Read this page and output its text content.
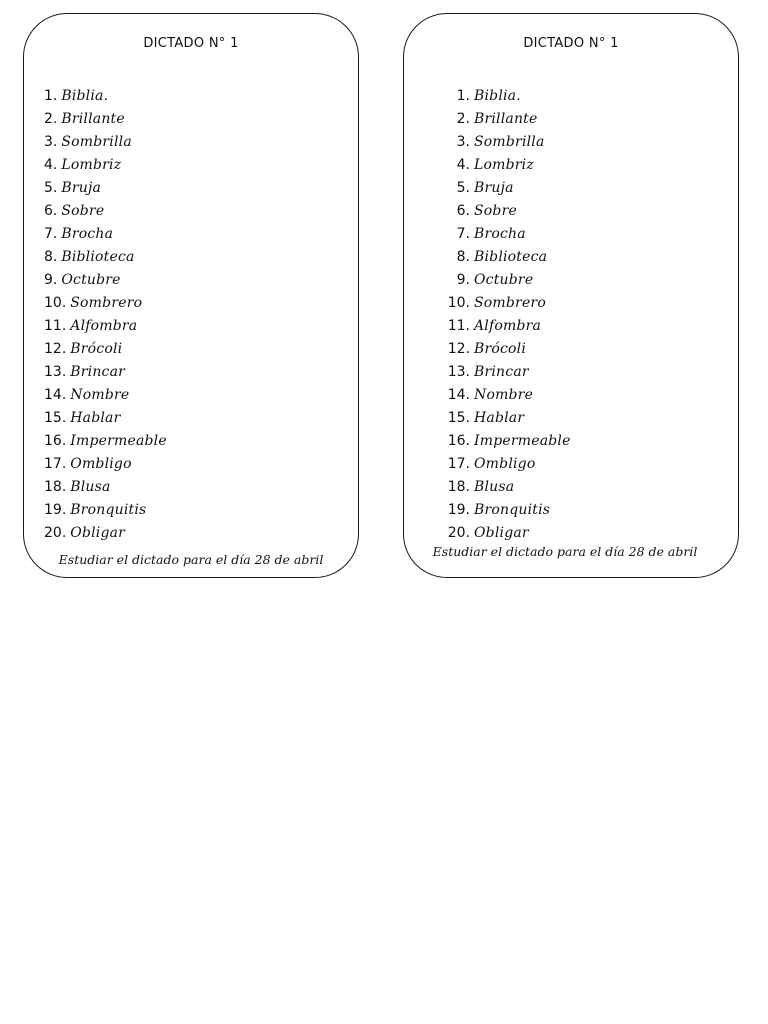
DICTADO N° 1
1. Biblia.
2. Brillante
3. Sombrilla
4. Lombriz
5. Bruja
6. Sobre
7. Brocha
8. Biblioteca
9. Octubre
10. Sombrero
11. Alfombra
12. Brócoli
13. Brincar
14. Nombre
15. Hablar
16. Impermeable
17. Ombligo
18. Blusa
19. Bronquitis
20. Obligar
Estudiar el dictado para el día 28 de abril
DICTADO N° 1
1. Biblia.
2. Brillante
3. Sombrilla
4. Lombriz
5. Bruja
6. Sobre
7. Brocha
8. Biblioteca
9. Octubre
10. Sombrero
11. Alfombra
12. Brócoli
13. Brincar
14. Nombre
15. Hablar
16. Impermeable
17. Ombligo
18. Blusa
19. Bronquitis
20. Obligar
Estudiar el dictado para el día 28 de abril
